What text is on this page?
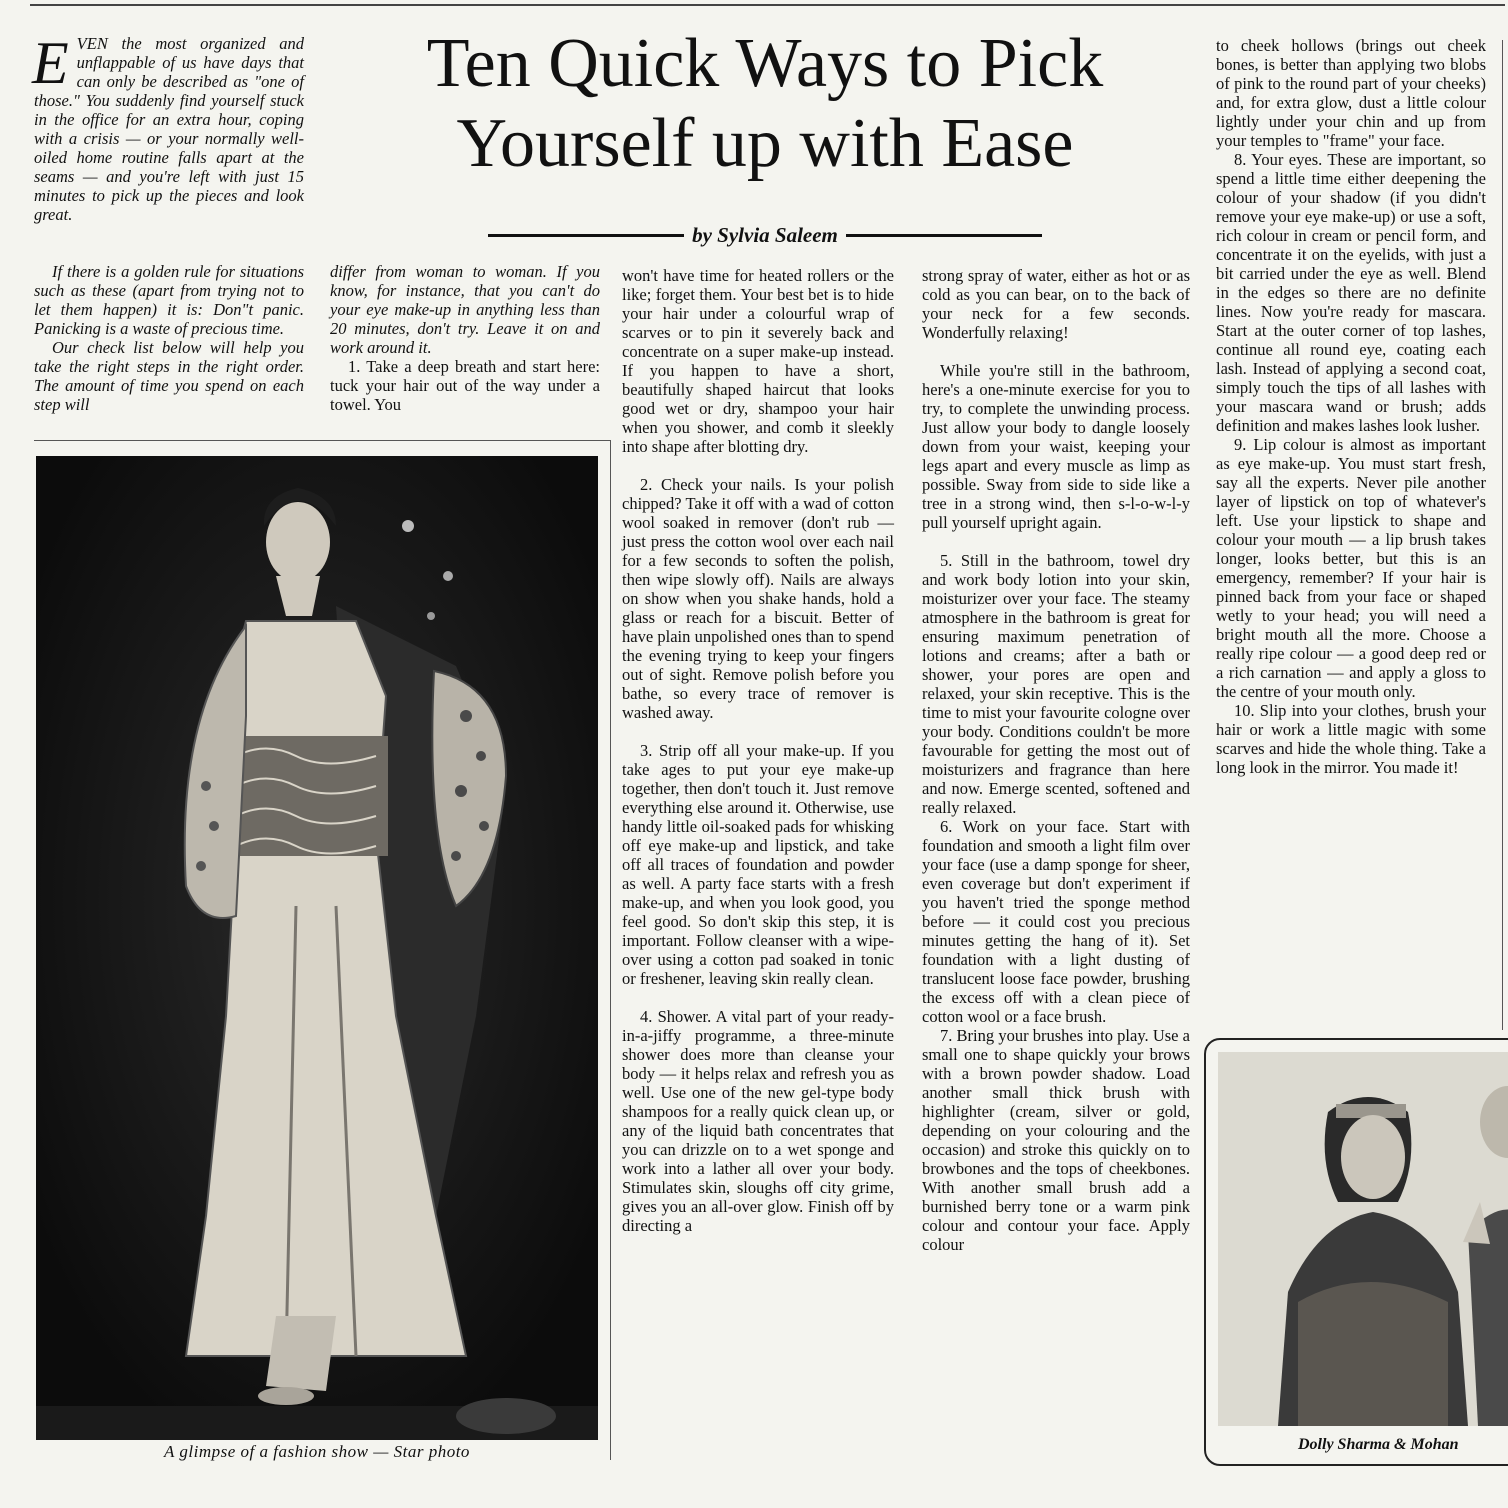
EVEN the most organized and unflappable of us have days that can only be described as "one of those." You suddenly find yourself stuck in the office for an extra hour, coping with a crisis — or your normally well-oiled home routine falls apart at the seams — and you're left with just 15 minutes to pick up the pieces and look great.

If there is a golden rule for situations such as these (apart from trying not to let them happen) it is: Don"t panic. Panicking is a waste of precious time.

Our check list below will help you take the right steps in the right order. The amount of time you spend on each step will

Ten Quick Ways to Pick
Yourself up with Ease
by Sylvia Saleem

differ from woman to woman. If you know, for instance, that you can't do your eye make-up in anything less than 20 minutes, don't try. Leave it on and work around it.

1. Take a deep breath and start here: tuck your hair out of the way under a towel. You

won't have time for heated rollers or the like; forget them. Your best bet is to hide your hair under a colourful wrap of scarves or to pin it severely back and concentrate on a super make-up instead. If you happen to have a short, beautifully shaped haircut that looks good wet or dry, shampoo your hair when you shower, and comb it sleekly into shape after blotting dry.

2. Check your nails. Is your polish chipped? Take it off with a wad of cotton wool soaked in remover (don't rub — just press the cotton wool over each nail for a few seconds to soften the polish, then wipe slowly off). Nails are always on show when you shake hands, hold a glass or reach for a biscuit. Better of have plain unpolished ones than to spend the evening trying to keep your fingers out of sight. Remove polish before you bathe, so every trace of remover is washed away.

3. Strip off all your make-up. If you take ages to put your eye make-up together, then don't touch it. Just remove everything else around it. Otherwise, use handy little oil-soaked pads for whisking off eye make-up and lipstick, and take off all traces of foundation and powder as well. A party face starts with a fresh make-up, and when you look good, you feel good. So don't skip this step, it is important. Follow cleanser with a wipe-over using a cotton pad soaked in tonic or freshener, leaving skin really clean.

4. Shower. A vital part of your ready-in-a-jiffy programme, a three-minute shower does more than cleanse your body — it helps relax and refresh you as well. Use one of the new gel-type body shampoos for a really quick clean up, or any of the liquid bath concentrates that you can drizzle on to a wet sponge and work into a lather all over your body. Stimulates skin, sloughs off city grime, gives you an all-over glow. Finish off by directing a

strong spray of water, either as hot or as cold as you can bear, on to the back of your neck for a few seconds. Wonderfully relaxing!

While you're still in the bathroom, here's a one-minute exercise for you to try, to complete the unwinding process. Just allow your body to dangle loosely down from your waist, keeping your legs apart and every muscle as limp as possible. Sway from side to side like a tree in a strong wind, then s-l-o-w-l-y pull yourself upright again.

5. Still in the bathroom, towel dry and work body lotion into your skin, moisturizer over your face. The steamy atmosphere in the bathroom is great for ensuring maximum penetration of lotions and creams; after a bath or shower, your pores are open and relaxed, your skin receptive. This is the time to mist your favourite cologne over your body. Conditions couldn't be more favourable for getting the most out of moisturizers and fragrance than here and now. Emerge scented, softened and really relaxed.

6. Work on your face. Start with foundation and smooth a light film over your face (use a damp sponge for sheer, even coverage but don't experiment if you haven't tried the sponge method before — it could cost you precious minutes getting the hang of it). Set foundation with a light dusting of translucent loose face powder, brushing the excess off with a clean piece of cotton wool or a face brush.

7. Bring your brushes into play. Use a small one to shape quickly your brows with a brown powder shadow. Load another small thick brush with highlighter (cream, silver or gold, depending on your colouring and the occasion) and stroke this quickly on to browbones and the tops of cheekbones. With another small brush add a burnished berry tone or a warm pink colour and contour your face. Apply colour

to cheek hollows (brings out cheek bones, is better than applying two blobs of pink to the round part of your cheeks) and, for extra glow, dust a little colour lightly under your chin and up from your temples to "frame" your face.

8. Your eyes. These are important, so spend a little time either deepening the colour of your shadow (if you didn't remove your eye make-up) or use a soft, rich colour in cream or pencil form, and concentrate it on the eyelids, with just a bit carried under the eye as well. Blend in the edges so there are no definite lines. Now you're ready for mascara. Start at the outer corner of top lashes, continue all round eye, coating each lash. Instead of applying a second coat, simply touch the tips of all lashes with your mascara wand or brush; adds definition and makes lashes look lusher.

9. Lip colour is almost as important as eye make-up. You must start fresh, say all the experts. Never pile another layer of lipstick on top of whatever's left. Use your lipstick to shape and colour your mouth — a lip brush takes longer, looks better, but this is an emergency, remember? If your hair is pinned back from your face or shaped wetly to your head; you will need a bright mouth all the more. Choose a really ripe colour — a good deep red or a rich carnation — and apply a gloss to the centre of your mouth only.

10. Slip into your clothes, brush your hair or work a little magic with some scarves and hide the whole thing. Take a long look in the mirror. You made it!

A glimpse of a fashion show — Star photo	Dolly Sharma & Mohan
